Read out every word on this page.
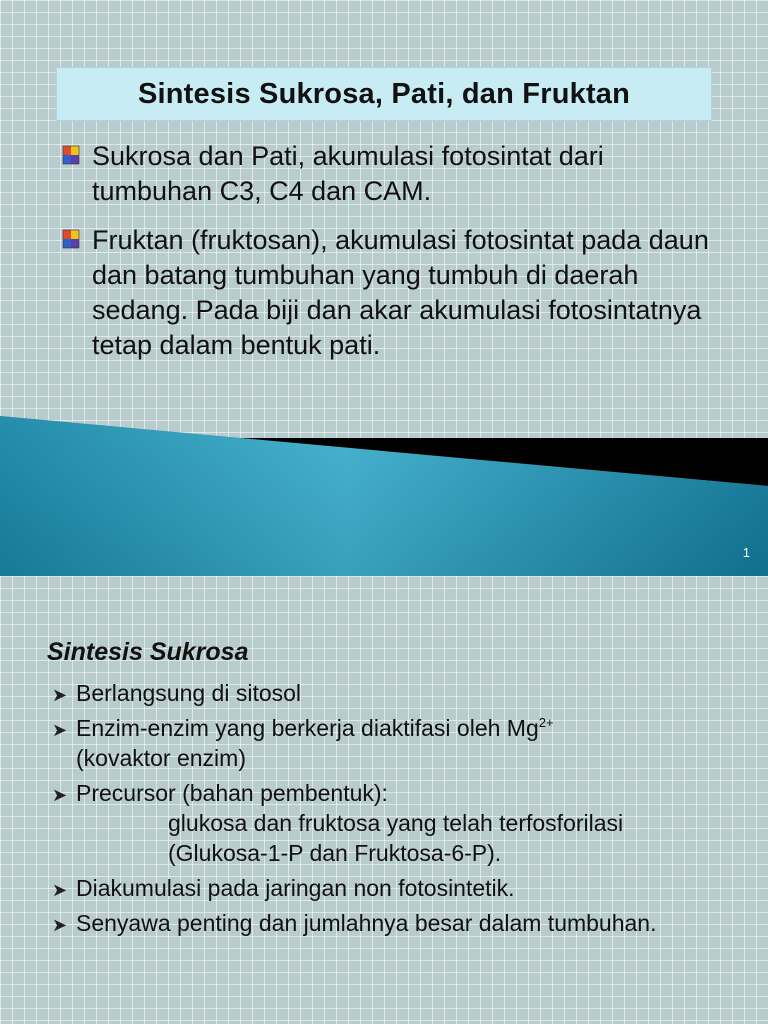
Sintesis Sukrosa, Pati, dan Fruktan
Sukrosa dan Pati, akumulasi fotosintat dari tumbuhan C3, C4 dan CAM.
Fruktan (fruktosan), akumulasi fotosintat pada daun dan batang tumbuhan yang tumbuh di daerah sedang. Pada biji dan akar akumulasi fotosintatnya tetap dalam bentuk pati.
1
Sintesis Sukrosa
➤ Berlangsung di sitosol
➤ Enzim-enzim yang berkerja diaktifasi oleh $Mg^{2+}$
(kovaktor enzim)
➤ Precursor (bahan pembentuk):
glukosa dan fruktosa yang telah terfosforilasi
(Glukosa-1-P dan Fruktosa-6-P).
➤ Diakumulasi pada jaringan non fotosintetik.
➤ Senyawa penting dan jumlahnya besar dalam tumbuhan.
